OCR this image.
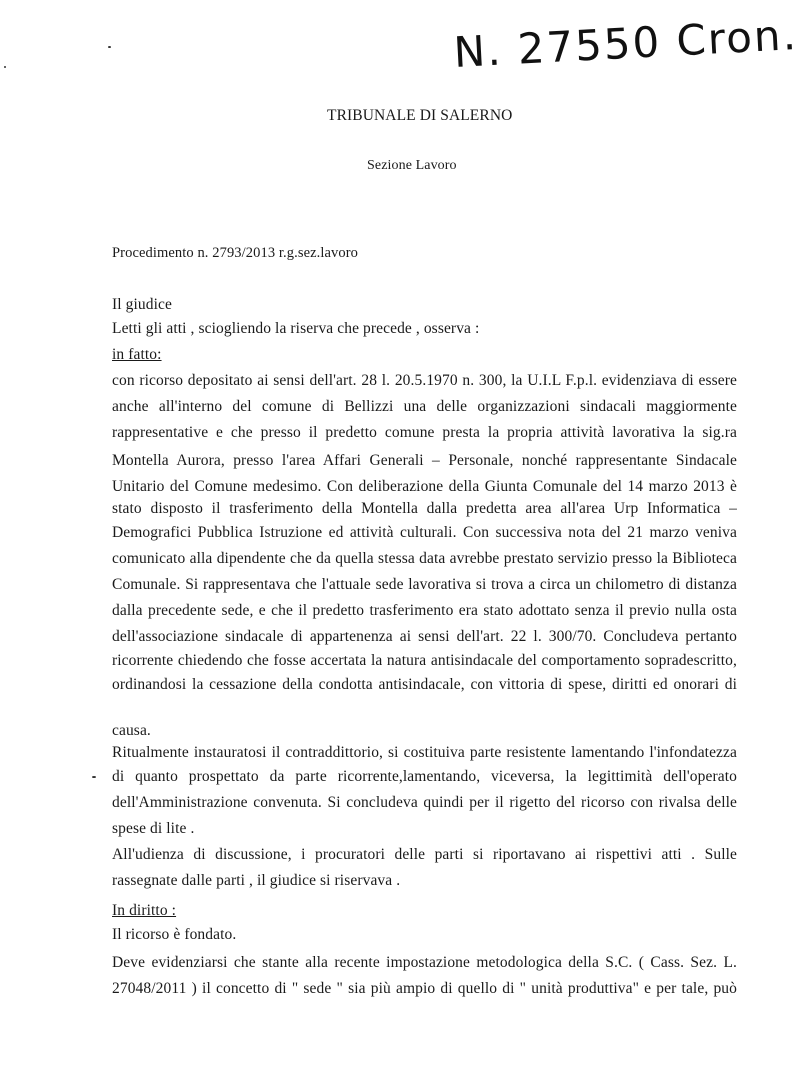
N. 27550 Cron.
TRIBUNALE DI SALERNO
Sezione Lavoro
Procedimento n. 2793/2013 r.g.sez.lavoro
Il giudice
Letti gli atti , sciogliendo la riserva che precede , osserva :
in fatto:
con ricorso depositato ai sensi dell'art. 28 l. 20.5.1970 n. 300, la U.I.L F.p.l. evidenziava di essere
anche all'interno del comune di Bellizzi una delle organizzazioni sindacali maggiormente
rappresentative e che presso il predetto comune presta la propria attività lavorativa la sig.ra
Montella Aurora, presso l'area Affari Generali – Personale, nonché rappresentante Sindacale
Unitario del Comune medesimo. Con deliberazione della Giunta Comunale del 14 marzo 2013 è
stato disposto il trasferimento della Montella dalla predetta area all'area Urp Informatica –
Demografici Pubblica Istruzione ed attività culturali. Con successiva nota del 21 marzo veniva
comunicato alla dipendente che da quella stessa data avrebbe prestato servizio presso la Biblioteca
Comunale. Si rappresentava che l'attuale sede lavorativa si trova a circa un chilometro di distanza
dalla precedente sede, e che il predetto trasferimento era stato adottato senza il previo nulla osta
dell'associazione sindacale di appartenenza ai sensi dell'art. 22 l. 300/70. Concludeva pertanto
ricorrente chiedendo che fosse accertata la natura antisindacale del comportamento sopradescritto,
ordinandosi la cessazione della condotta antisindacale, con vittoria di spese, diritti ed onorari di
causa.
Ritualmente instauratosi il contraddittorio, si costituiva parte resistente lamentando l'infondatezza
di quanto prospettato da parte ricorrente,lamentando, viceversa, la legittimità dell'operato
dell'Amministrazione convenuta. Si concludeva quindi per il rigetto del ricorso con rivalsa delle
spese di lite .
All'udienza di discussione, i procuratori delle parti si riportavano ai rispettivi atti . Sulle
rassegnate dalle parti , il giudice si riservava .
In diritto :
Il ricorso è fondato.
Deve evidenziarsi che stante alla recente impostazione metodologica della S.C. ( Cass. Sez. L.
27048/2011 ) il concetto di " sede " sia più ampio di quello di " unità produttiva" e per tale, può
